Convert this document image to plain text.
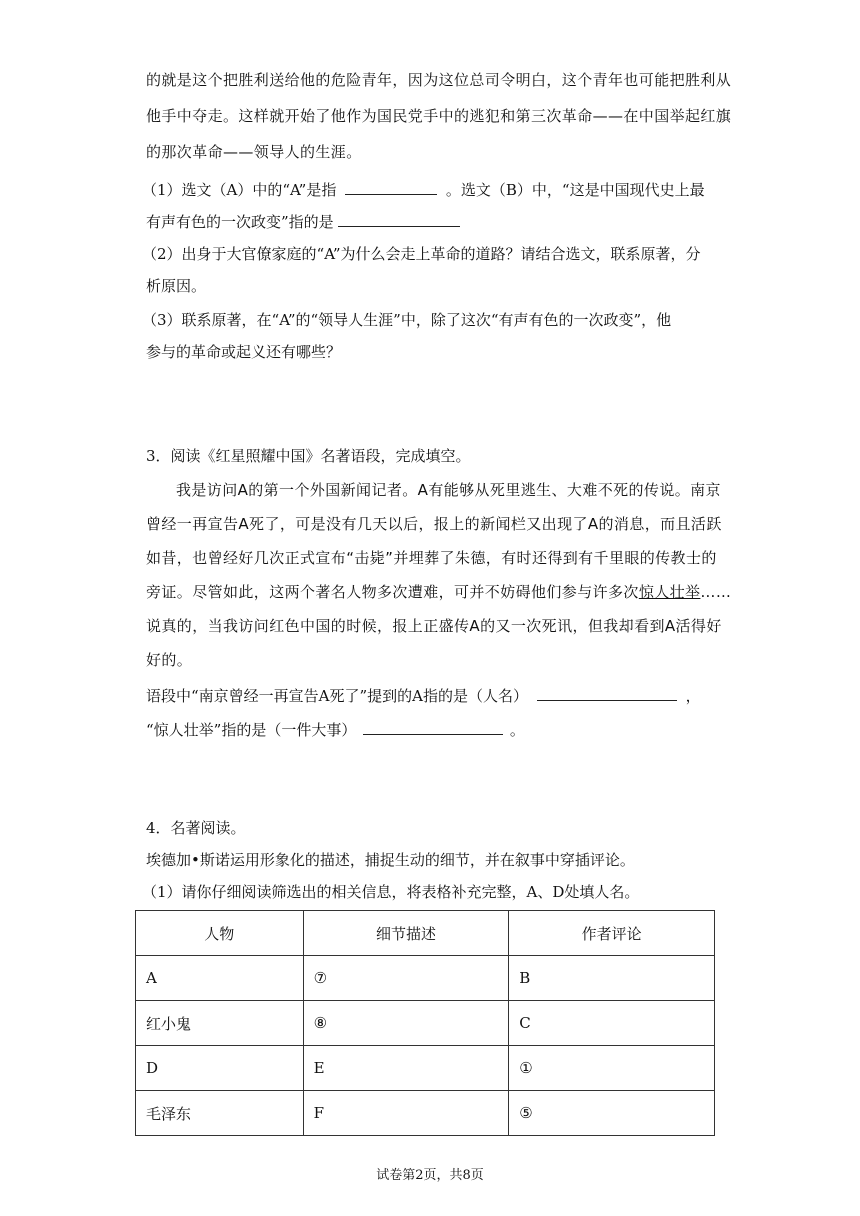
的就是这个把胜利送给他的危险青年，因为这位总司令明白，这个青年也可能把胜利从
他手中夺走。这样就开始了他作为国民党手中的逃犯和第三次革命——在中国举起红旗
的那次革命——领导人的生涯。
（1）选文（A）中的“A”是指	。选文（B）中，“这是中国现代史上最
有声有色的一次政变”指的是
（2）出身于大官僚家庭的“A”为什么会走上革命的道路？请结合选文，联系原著，分
析原因。
（3）联系原著，在“A”的“领导人生涯”中，除了这次“有声有色的一次政变”，他
参与的革命或起义还有哪些？
3．阅读《红星照耀中国》名著语段，完成填空。
我是访问A的第一个外国新闻记者。A有能够从死里逃生、大难不死的传说。南京
曾经一再宣告A死了，可是没有几天以后，报上的新闻栏又出现了A的消息，而且活跃
如昔，也曾经好几次正式宣布“击毙”并埋葬了朱德，有时还得到有千里眼的传教士的
旁证。尽管如此，这两个著名人物多次遭难，可并不妨碍他们参与许多次惊人壮举……
说真的，当我访问红色中国的时候，报上正盛传A的又一次死讯，但我却看到A活得好
好的。
语段中“南京曾经一再宣告A死了”提到的A指的是（人名）	，
“惊人壮举”指的是（一件大事）	。
4．名著阅读。
埃德加•斯诺运用形象化的描述，捕捉生动的细节，并在叙事中穿插评论。
（1）请你仔细阅读筛选出的相关信息，将表格补充完整，A、D处填人名。
人物	细节描述	作者评论
A	⑦	B
红小鬼	⑧	C
D	E	①
毛泽东	F	⑤
试卷第2页，共8页
